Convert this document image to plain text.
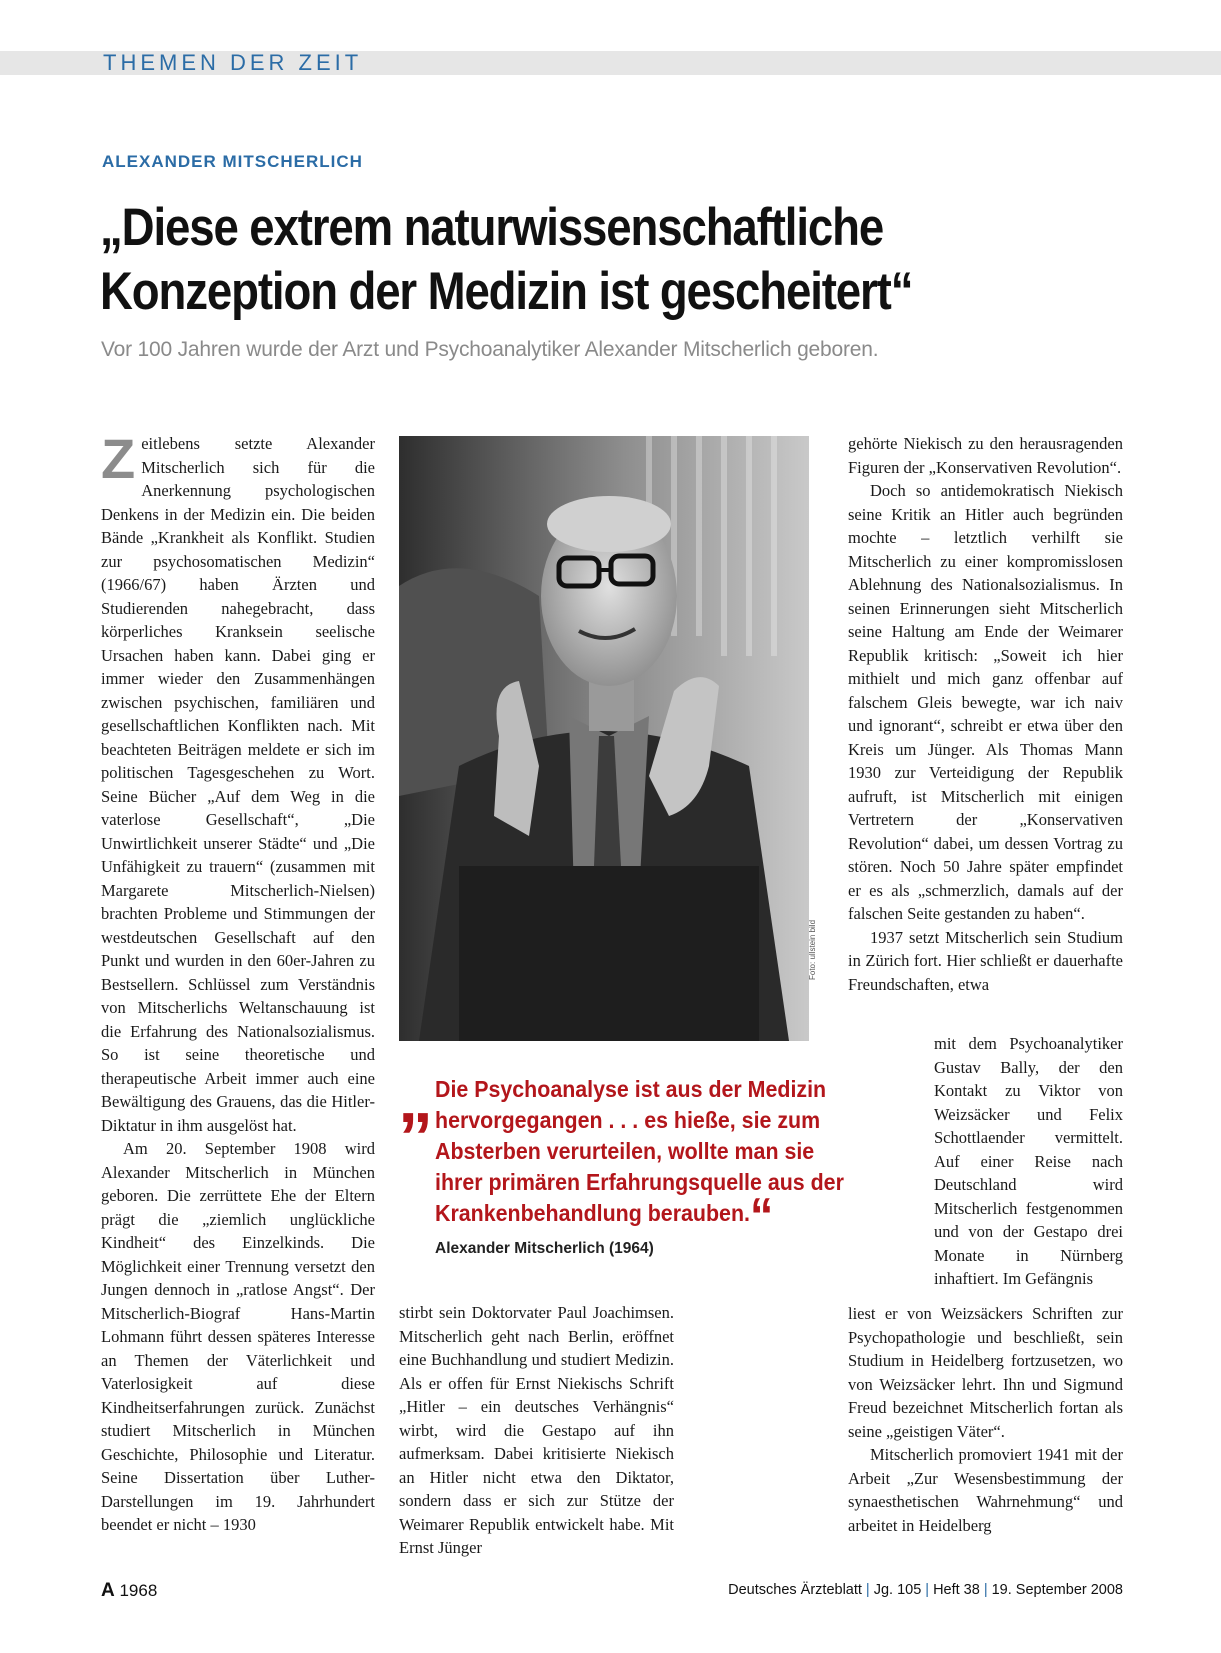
THEMEN DER ZEIT
ALEXANDER MITSCHERLICH
„Diese extrem naturwissenschaftliche
Konzeption der Medizin ist gescheitert“
Vor 100 Jahren wurde der Arzt und Psychoanalytiker Alexander Mitscherlich geboren.

Zeitlebens setzte Alexander Mitscherlich sich für die Anerkennung psychologischen Denkens in der Medizin ein. Die beiden Bände „Krankheit als Konflikt. Studien zur psychosomatischen Medizin“ (1966/67) haben Ärzten und Studierenden nahegebracht, dass körperliches Kranksein seelische Ursachen haben kann. Dabei ging er immer wieder den Zusammenhängen zwischen psychischen, familiären und gesellschaftlichen Konflikten nach. Mit beachteten Beiträgen meldete er sich im politischen Tagesgeschehen zu Wort. Seine Bücher „Auf dem Weg in die vaterlose Gesellschaft“, „Die Unwirtlichkeit unserer Städte“ und „Die Unfähigkeit zu trauern“ (zusammen mit Margarete Mitscherlich-Nielsen) brachten Probleme und Stimmungen der westdeutschen Gesellschaft auf den Punkt und wurden in den 60er-Jahren zu Bestsellern. Schlüssel zum Verständnis von Mitscherlichs Weltanschauung ist die Erfahrung des Nationalsozialismus. So ist seine theoretische und therapeutische Arbeit immer auch eine Bewältigung des Grauens, das die Hitler-Diktatur in ihm ausgelöst hat.

Am 20. September 1908 wird Alexander Mitscherlich in München geboren. Die zerrüttete Ehe der Eltern prägt die „ziemlich unglückliche Kindheit“ des Einzelkinds. Die Möglichkeit einer Trennung versetzt den Jungen dennoch in „ratlose Angst“. Der Mitscherlich-Biograf Hans-Martin Lohmann führt dessen späteres Interesse an Themen der Väterlichkeit und Vaterlosigkeit auf diese Kindheitserfahrungen zurück. Zunächst studiert Mitscherlich in München Geschichte, Philosophie und Literatur. Seine Dissertation über Luther-Darstellungen im 19. Jahrhundert beendet er nicht – 1930

Foto: ullstein bild
„ Die Psychoanalyse ist aus der Medizin hervorgegangen . . . es hieße, sie zum Absterben verurteilen, wollte man sie ihrer primären Erfahrungsquelle aus der Krankenbehandlung berauben.“

Alexander Mitscherlich (1964)

stirbt sein Doktorvater Paul Joachimsen. Mitscherlich geht nach Berlin, eröffnet eine Buchhandlung und studiert Medizin. Als er offen für Ernst Niekischs Schrift „Hitler – ein deutsches Verhängnis“ wirbt, wird die Gestapo auf ihn aufmerksam. Dabei kritisierte Niekisch an Hitler nicht etwa den Diktator, sondern dass er sich zur Stütze der Weimarer Republik entwickelt habe. Mit Ernst Jünger

gehörte Niekisch zu den herausragenden Figuren der „Konservativen Revolution“.

Doch so antidemokratisch Niekisch seine Kritik an Hitler auch begründen mochte – letztlich verhilft sie Mitscherlich zu einer kompromisslosen Ablehnung des Nationalsozialismus. In seinen Erinnerungen sieht Mitscherlich seine Haltung am Ende der Weimarer Republik kritisch: „Soweit ich hier mithielt und mich ganz offenbar auf falschem Gleis bewegte, war ich naiv und ignorant“, schreibt er etwa über den Kreis um Jünger. Als Thomas Mann 1930 zur Verteidigung der Republik aufruft, ist Mitscherlich mit einigen Vertretern der „Konservativen Revolution“ dabei, um dessen Vortrag zu stören. Noch 50 Jahre später empfindet er es als „schmerzlich, damals auf der falschen Seite gestanden zu haben“.

1937 setzt Mitscherlich sein Studium in Zürich fort. Hier schließt er dauerhafte Freundschaften, etwa

mit dem Psychoanalytiker Gustav Bally, der den Kontakt zu Viktor von Weizsäcker und Felix Schottlaender vermittelt. Auf einer Reise nach Deutschland wird Mitscherlich festgenommen und von der Gestapo drei Monate in Nürnberg inhaftiert. Im Gefängnis

liest er von Weizsäckers Schriften zur Psychopathologie und beschließt, sein Studium in Heidelberg fortzusetzen, wo von Weizsäcker lehrt. Ihn und Sigmund Freud bezeichnet Mitscherlich fortan als seine „geistigen Väter“.

Mitscherlich promoviert 1941 mit der Arbeit „Zur Wesensbestimmung der synaesthetischen Wahrnehmung“ und arbeitet in Heidelberg

A 1968	Deutsches Ärzteblatt | Jg. 105 | Heft 38 | 19. September 2008
